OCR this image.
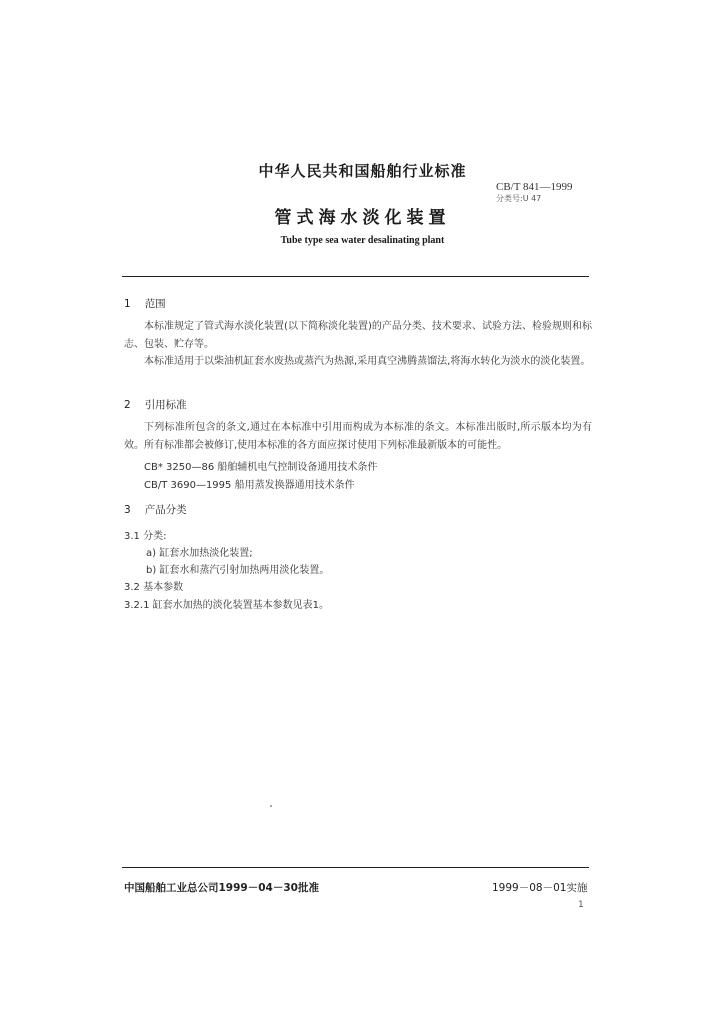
中华人民共和国船舶行业标准
CB/T 841—1999
分类号:U 47
管式海水淡化装置
Tube type sea water desalinating plant
1 范围
本标准规定了管式海水淡化装置(以下简称淡化装置)的产品分类、技术要求、试验方法、检验规则和标志、包装、贮存等。
本标准适用于以柴油机缸套水废热或蒸汽为热源,采用真空沸腾蒸馏法,将海水转化为淡水的淡化装置。
2 引用标准
下列标准所包含的条文,通过在本标准中引用而构成为本标准的条文。本标准出版时,所示版本均为有效。所有标准都会被修订,使用本标准的各方面应探讨使用下列标准最新版本的可能性。
CB* 3250—86 船舶辅机电气控制设备通用技术条件
CB/T 3690—1995 船用蒸发换器通用技术条件
3 产品分类
3.1 分类:
a) 缸套水加热淡化装置;
b) 缸套水和蒸汽引射加热两用淡化装置。
3.2 基本参数
3.2.1 缸套水加热的淡化装置基本参数见表1。
中国船舶工业总公司1999－04－30批准	1999－08－01实施
1
